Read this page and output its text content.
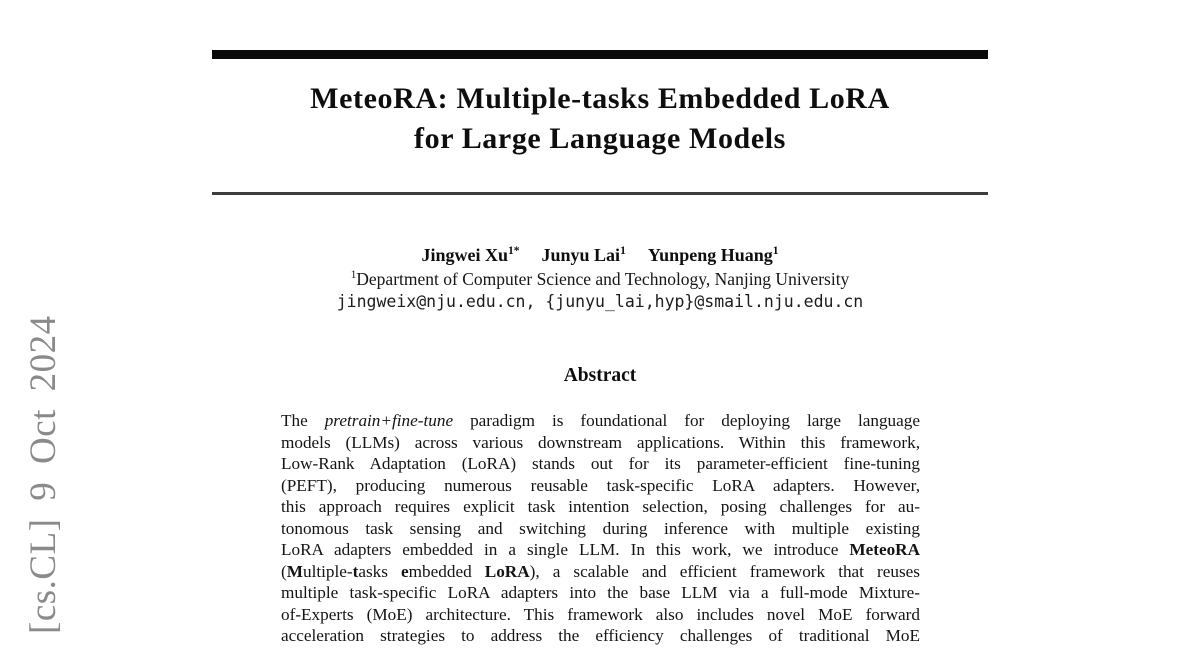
[cs.CL] 9 Oct 2024
MeteoRA: Multiple-tasks Embedded LoRA
for Large Language Models
Jingwei $Xu^{1*}$ Junyu Lai$^1$ Yunpeng Huang$^1$
$^1$Department of Computer Science and Technology, Nanjing University
jingweix@nju.edu.cn, {junyu_lai,hyp}@smail.nju.edu.cn
Abstract
The pretrain+fine-tune paradigm is foundational for deploying large language
models (LLMs) across various downstream applications. Within this framework,
Low-Rank Adaptation (LoRA) stands out for its parameter-efficient fine-tuning
(PEFT), producing numerous reusable task-specific LoRA adapters. However,
this approach requires explicit task intention selection, posing challenges for au-
tonomous task sensing and switching during inference with multiple existing
LoRA adapters embedded in a single LLM. In this work, we introduce MeteoRA
(Multiple-tasks embedded LoRA), a scalable and efficient framework that reuses
multiple task-specific LoRA adapters into the base LLM via a full-mode Mixture-
of-Experts (MoE) architecture. This framework also includes novel MoE forward
acceleration strategies to address the efficiency challenges of traditional MoE
